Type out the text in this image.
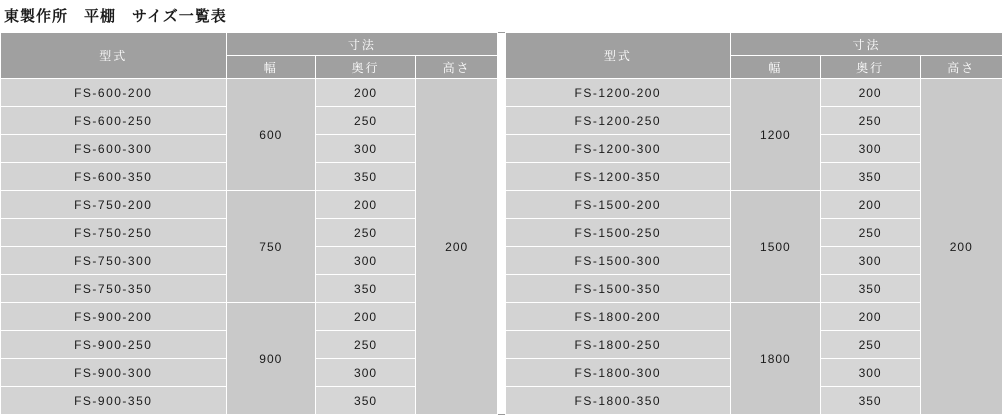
東製作所　平棚　サイズ一覧表
型式	寸法				型式	寸法		
	幅	奥行	高さ			幅	奥行	高さ
FS-600-200	600	200	200		FS-1200-200	1200	200	200
FS-600-250		250			FS-1200-250		250	
FS-600-300		300			FS-1200-300		300	
FS-600-350		350			FS-1200-350		350	
FS-750-200	750	200			FS-1500-200	1500	200	
FS-750-250		250			FS-1500-250		250	
FS-750-300		300			FS-1500-300		300	
FS-750-350		350			FS-1500-350		350	
FS-900-200	900	200			FS-1800-200	1800	200	
FS-900-250		250			FS-1800-250		250	
FS-900-300		300			FS-1800-300		300	
FS-900-350		350			FS-1800-350		350	
